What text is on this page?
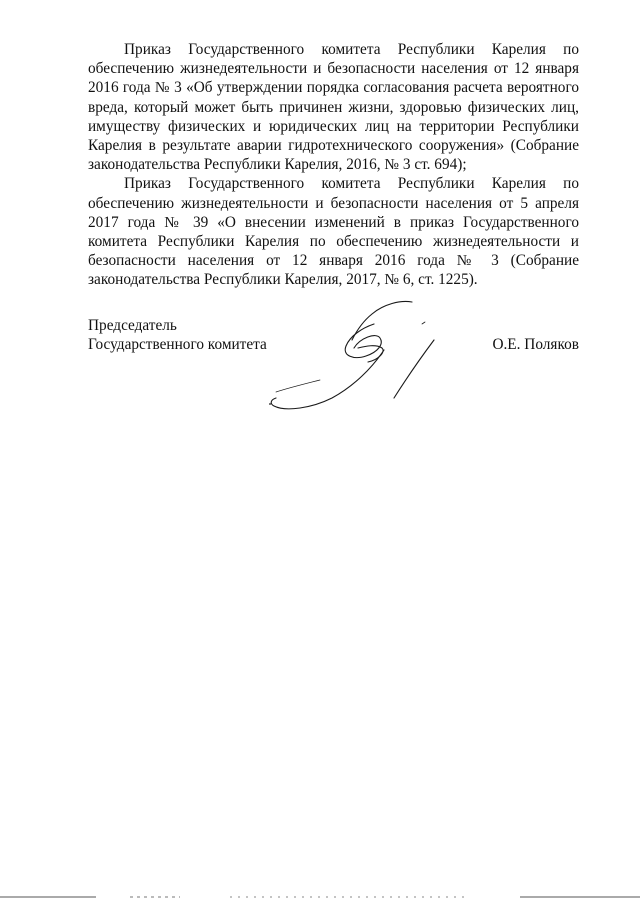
Приказ Государственного комитета Республики Карелия по обеспечению жизнедеятельности и безопасности населения от 12 января 2016 года № 3 «Об утверждении порядка согласования расчета вероятного вреда, который может быть причинен жизни, здоровью физических лиц, имуществу физических и юридических лиц на территории Республики Карелия в результате аварии гидротехнического сооружения» (Собрание законодательства Республики Карелия, 2016, № 3 ст. 694);

Приказ Государственного комитета Республики Карелия по обеспечению жизнедеятельности и безопасности населения от 5 апреля 2017 года № 39 «О внесении изменений в приказ Государственного комитета Республики Карелия по обеспечению жизнедеятельности и безопасности населения от 12 января 2016 года № 3 (Собрание законодательства Республики Карелия, 2017, № 6, ст. 1225).

Председатель
Государственного комитета	О.Е. Поляков
